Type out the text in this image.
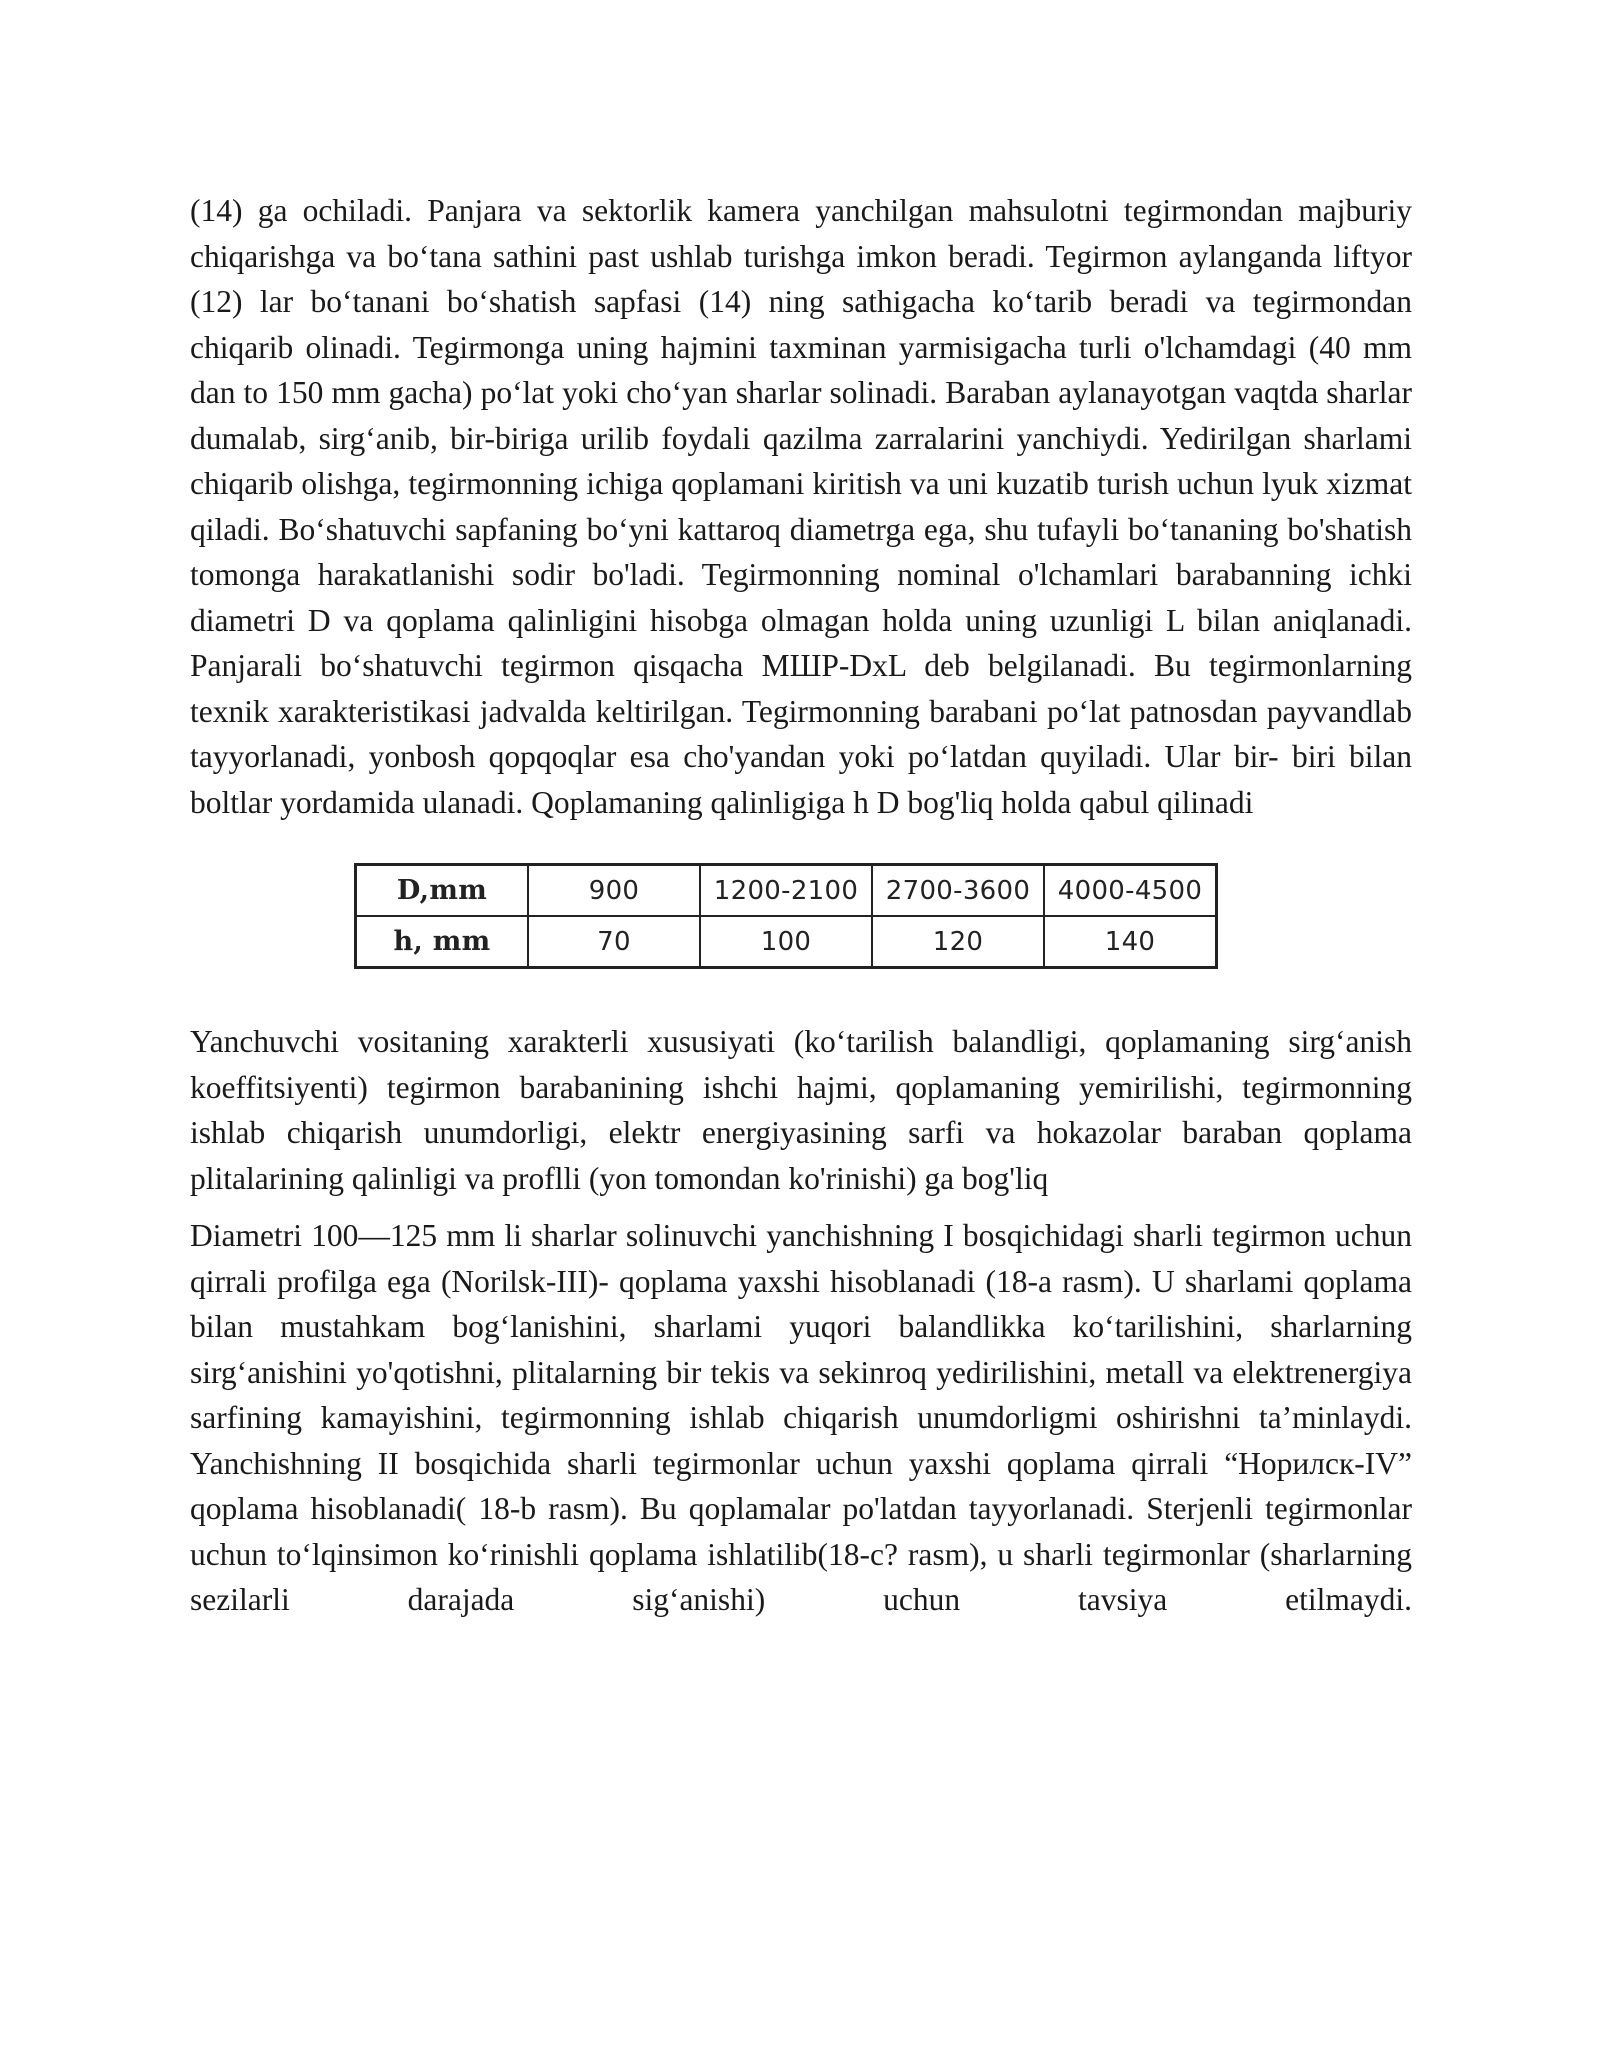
(14) ga ochiladi. Panjara va sektorlik kamera yanchilgan mahsulotni tegirmondan majburiy chiqarishga va bo‘tana sathini past ushlab turishga imkon beradi. Tegirmon aylanganda liftyor (12) lar bo‘tanani bo‘shatish sapfasi (14) ning sathigacha ko‘tarib beradi va tegirmondan chiqarib olinadi. Tegirmonga uning hajmini taxminan yarmisigacha turli o'lchamdagi (40 mm dan to 150 mm gacha) po‘lat yoki cho‘yan sharlar solinadi. Baraban aylanayotgan vaqtda sharlar dumalab, sirg‘anib, bir-biriga urilib foydali qazilma zarralarini yanchiydi. Yedirilgan sharlami chiqarib olishga, tegirmonning ichiga qoplamani kiritish va uni kuzatib turish uchun lyuk xizmat qiladi. Bo‘shatuvchi sapfaning bo‘yni kattaroq diametrga ega, shu tufayli bo‘tananing bo'shatish tomonga harakatlanishi sodir bo'ladi. Tegirmonning nominal o'lchamlari barabanning ichki diametri D va qoplama qalinligini hisobga olmagan holda uning uzunligi L bilan aniqlanadi. Panjarali bo‘shatuvchi tegirmon qisqacha МШР-DxL deb belgilanadi. Bu tegirmonlarning texnik xarakteristikasi jadvalda keltirilgan. Tegirmonning barabani po‘lat patnosdan payvandlab tayyorlanadi, yonbosh qopqoqlar esa cho'yandan yoki po‘latdan quyiladi. Ular bir- biri bilan boltlar yordamida ulanadi. Qoplamaning qalinligiga h D bog'liq holda qabul qilinadi

D,mm	900	1200-2100	2700-3600	4000-4500
h, mm	70	100	120	140

Yanchuvchi vositaning xarakterli xususiyati (ko‘tarilish balandligi, qoplamaning sirg‘anish koeffitsiyenti) tegirmon barabanining ishchi hajmi, qoplamaning yemirilishi, tegirmonning ishlab chiqarish unumdorligi, elektr energiyasining sarfi va hokazolar baraban qoplama plitalarining qalinligi va proflli (yon tomondan ko'rinishi) ga bog'liq

Diametri 100—125 mm li sharlar solinuvchi yanchishning I bosqichidagi sharli tegirmon uchun qirrali profilga ega (Norilsk-III)- qoplama yaxshi hisoblanadi (18-a rasm). U sharlami qoplama bilan mustahkam bog‘lanishini, sharlami yuqori balandlikka ko‘tarilishini, sharlarning sirg‘anishini yo'qotishni, plitalarning bir tekis va sekinroq yedirilishini, metall va elektrenergiya sarfining kamayishini, tegirmonning ishlab chiqarish unumdorligmi oshirishni ta’minlaydi. Yanchishning II bosqichida sharli tegirmonlar uchun yaxshi qoplama qirrali “Норилск-IV” qoplama hisoblanadi( 18-b rasm). Bu qoplamalar po'latdan tayyorlanadi. Sterjenli tegirmonlar uchun to‘lqinsimon ko‘rinishli qoplama ishlatilib(18-c? rasm), u sharli tegirmonlar (sharlarning sezilarli darajada sig‘anishi) uchun tavsiya etilmaydi.
